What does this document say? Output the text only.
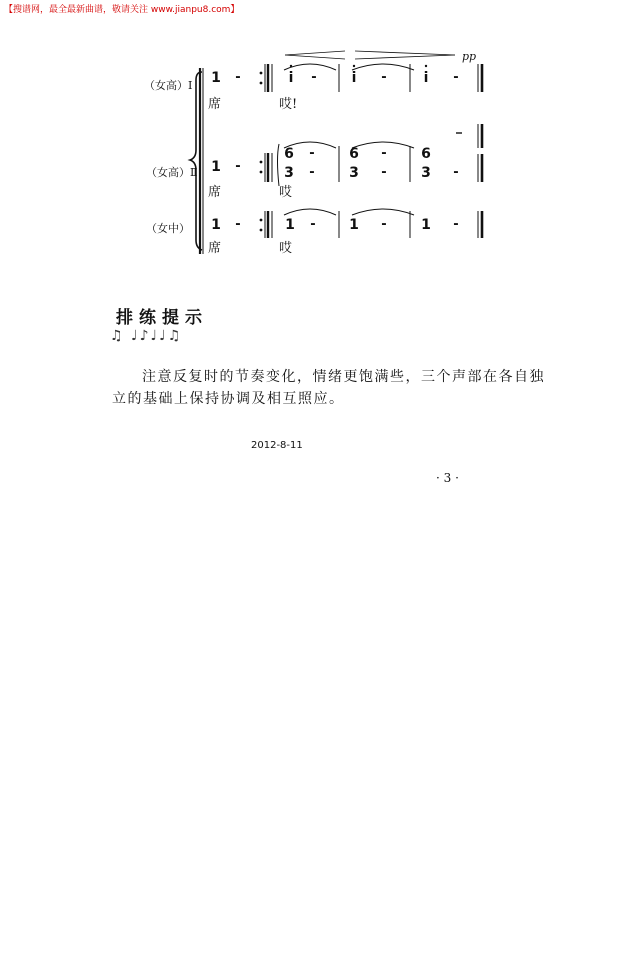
【搜谱网，最全最新曲谱，敬请关注 www.jianpu8.com】
pp
（女高）Ⅰ
（女高）Ⅱ
（女中）
1 -	i	-	i	-	i	-
席	哎!
1 -
6 - 6 - 6
3 - 3 - 3 -
席	哎
1 -	1 - 1 - 1 -
席	哎
排练提示
♫ ♩♪♩♩♫
注意反复时的节奏变化，情绪更饱满些，三个声部在各自独立的基础上保持协调及相互照应。
2012-8-11
· 3 ·
